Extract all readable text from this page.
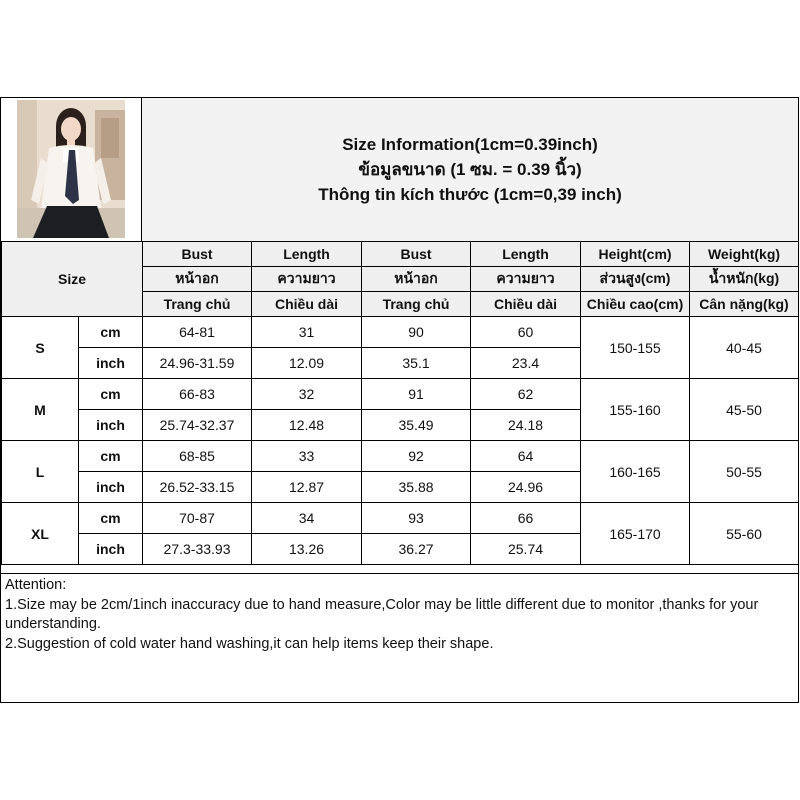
Size Information(1cm=0.39inch)
ข้อมูลขนาด (1 ซม. = 0.39 นิ้ว)
Thông tin kích thước (1cm=0,39 inch)
Size		Bust	Length	Bust	Length	Height(cm)	Weight(kg)
		หน้าอก	ความยาว	หน้าอก	ความยาว	ส่วนสูง(cm)	น้ำหนัก(kg)
		Trang chủ	Chiều dài	Trang chủ	Chiều dài	Chiều cao(cm)	Cân nặng(kg)
S	cm	64-81	31	90	60	150-155	40-45
	inch	24.96-31.59	12.09	35.1	23.4		
M	cm	66-83	32	91	62	155-160	45-50
	inch	25.74-32.37	12.48	35.49	24.18		
L	cm	68-85	33	92	64	160-165	50-55
	inch	26.52-33.15	12.87	35.88	24.96		
XL	cm	70-87	34	93	66	165-170	55-60
	inch	27.3-33.93	13.26	36.27	25.74		
Attention:
1.Size may be 2cm/1inch inaccuracy due to hand measure,Color may be little different due to monitor ,thanks for your understanding.
2.Suggestion of cold water hand washing,it can help items keep their shape.
